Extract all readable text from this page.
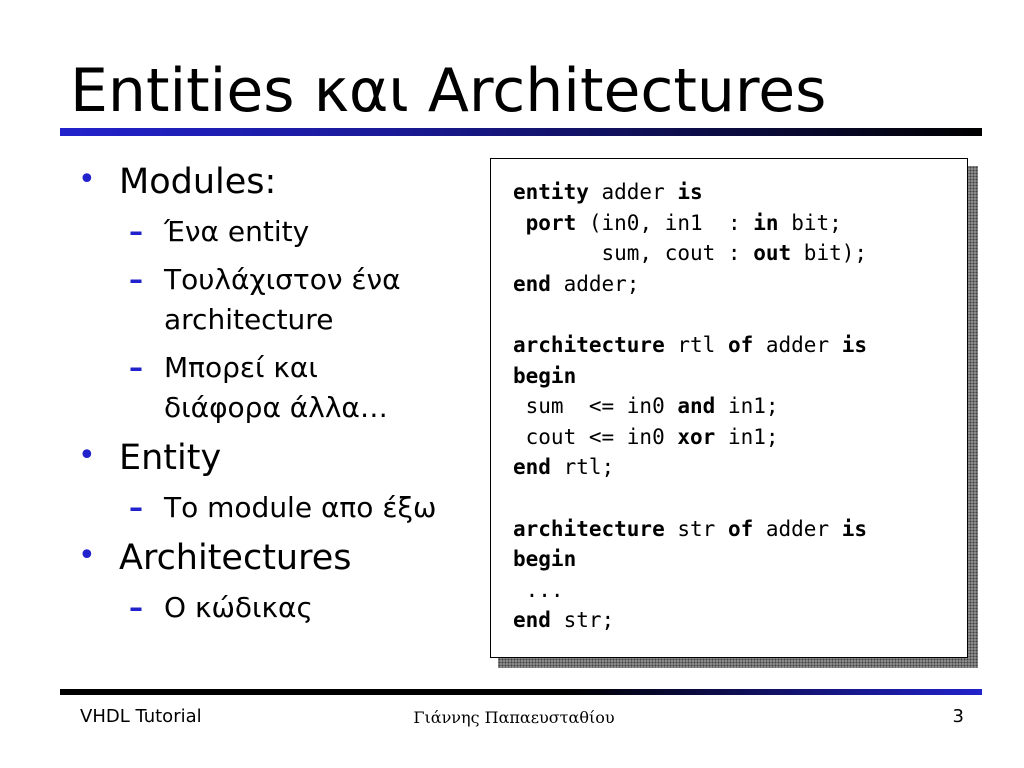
Entities και Architectures
• Modules:
– Ένα entity
– Τουλάχιστον ένα architecture
– Μπορεί και διάφορα άλλα…
• Entity
– Το module απο έξω
• Architectures
– Ο κώδικας
entity adder is
port (in0, in1  : in bit;
sum, cout : out bit);
end adder;

architecture rtl of adder is
begin
sum  <= in0 and in1;
cout <= in0 xor in1;
end rtl;

architecture str of adder is
begin
...
end str;
VHDL Tutorial	Γιάννης Παπαευσταθίου	3
